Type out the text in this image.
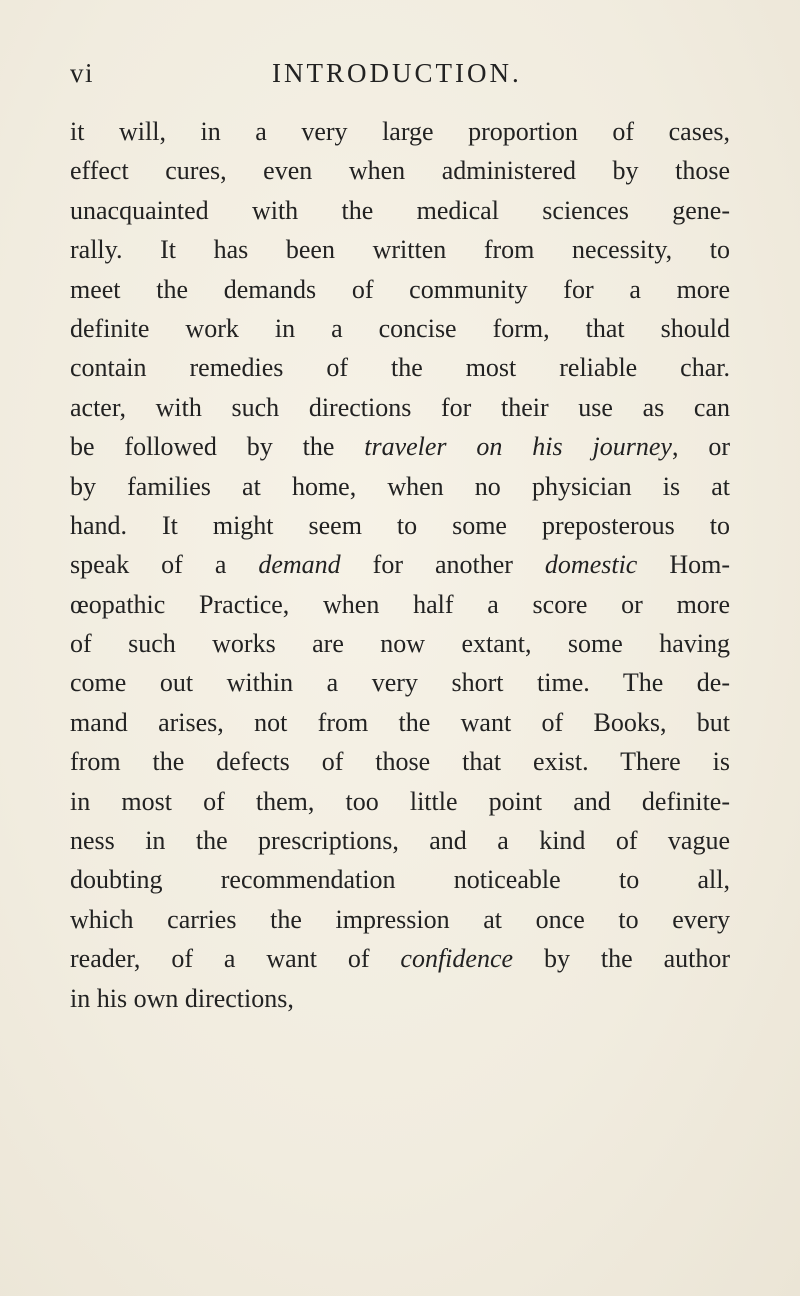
vi	INTRODUCTION.
it will, in a very large proportion of cases,
effect cures, even when administered by those
unacquainted with the medical sciences gene-
rally. It has been written from necessity, to
meet the demands of community for a more
definite work in a concise form, that should
contain remedies of the most reliable char.
acter, with such directions for their use as can
be followed by the traveler on his journey, or
by families at home, when no physician is at
hand. It might seem to some preposterous to
speak of a demand for another domestic Hom-
œopathic Practice, when half a score or more
of such works are now extant, some having
come out within a very short time. The de-
mand arises, not from the want of Books, but
from the defects of those that exist. There is
in most of them, too little point and definite-
ness in the prescriptions, and a kind of vague
doubting recommendation noticeable to all,
which carries the impression at once to every
reader, of a want of confidence by the author
in his own directions,
